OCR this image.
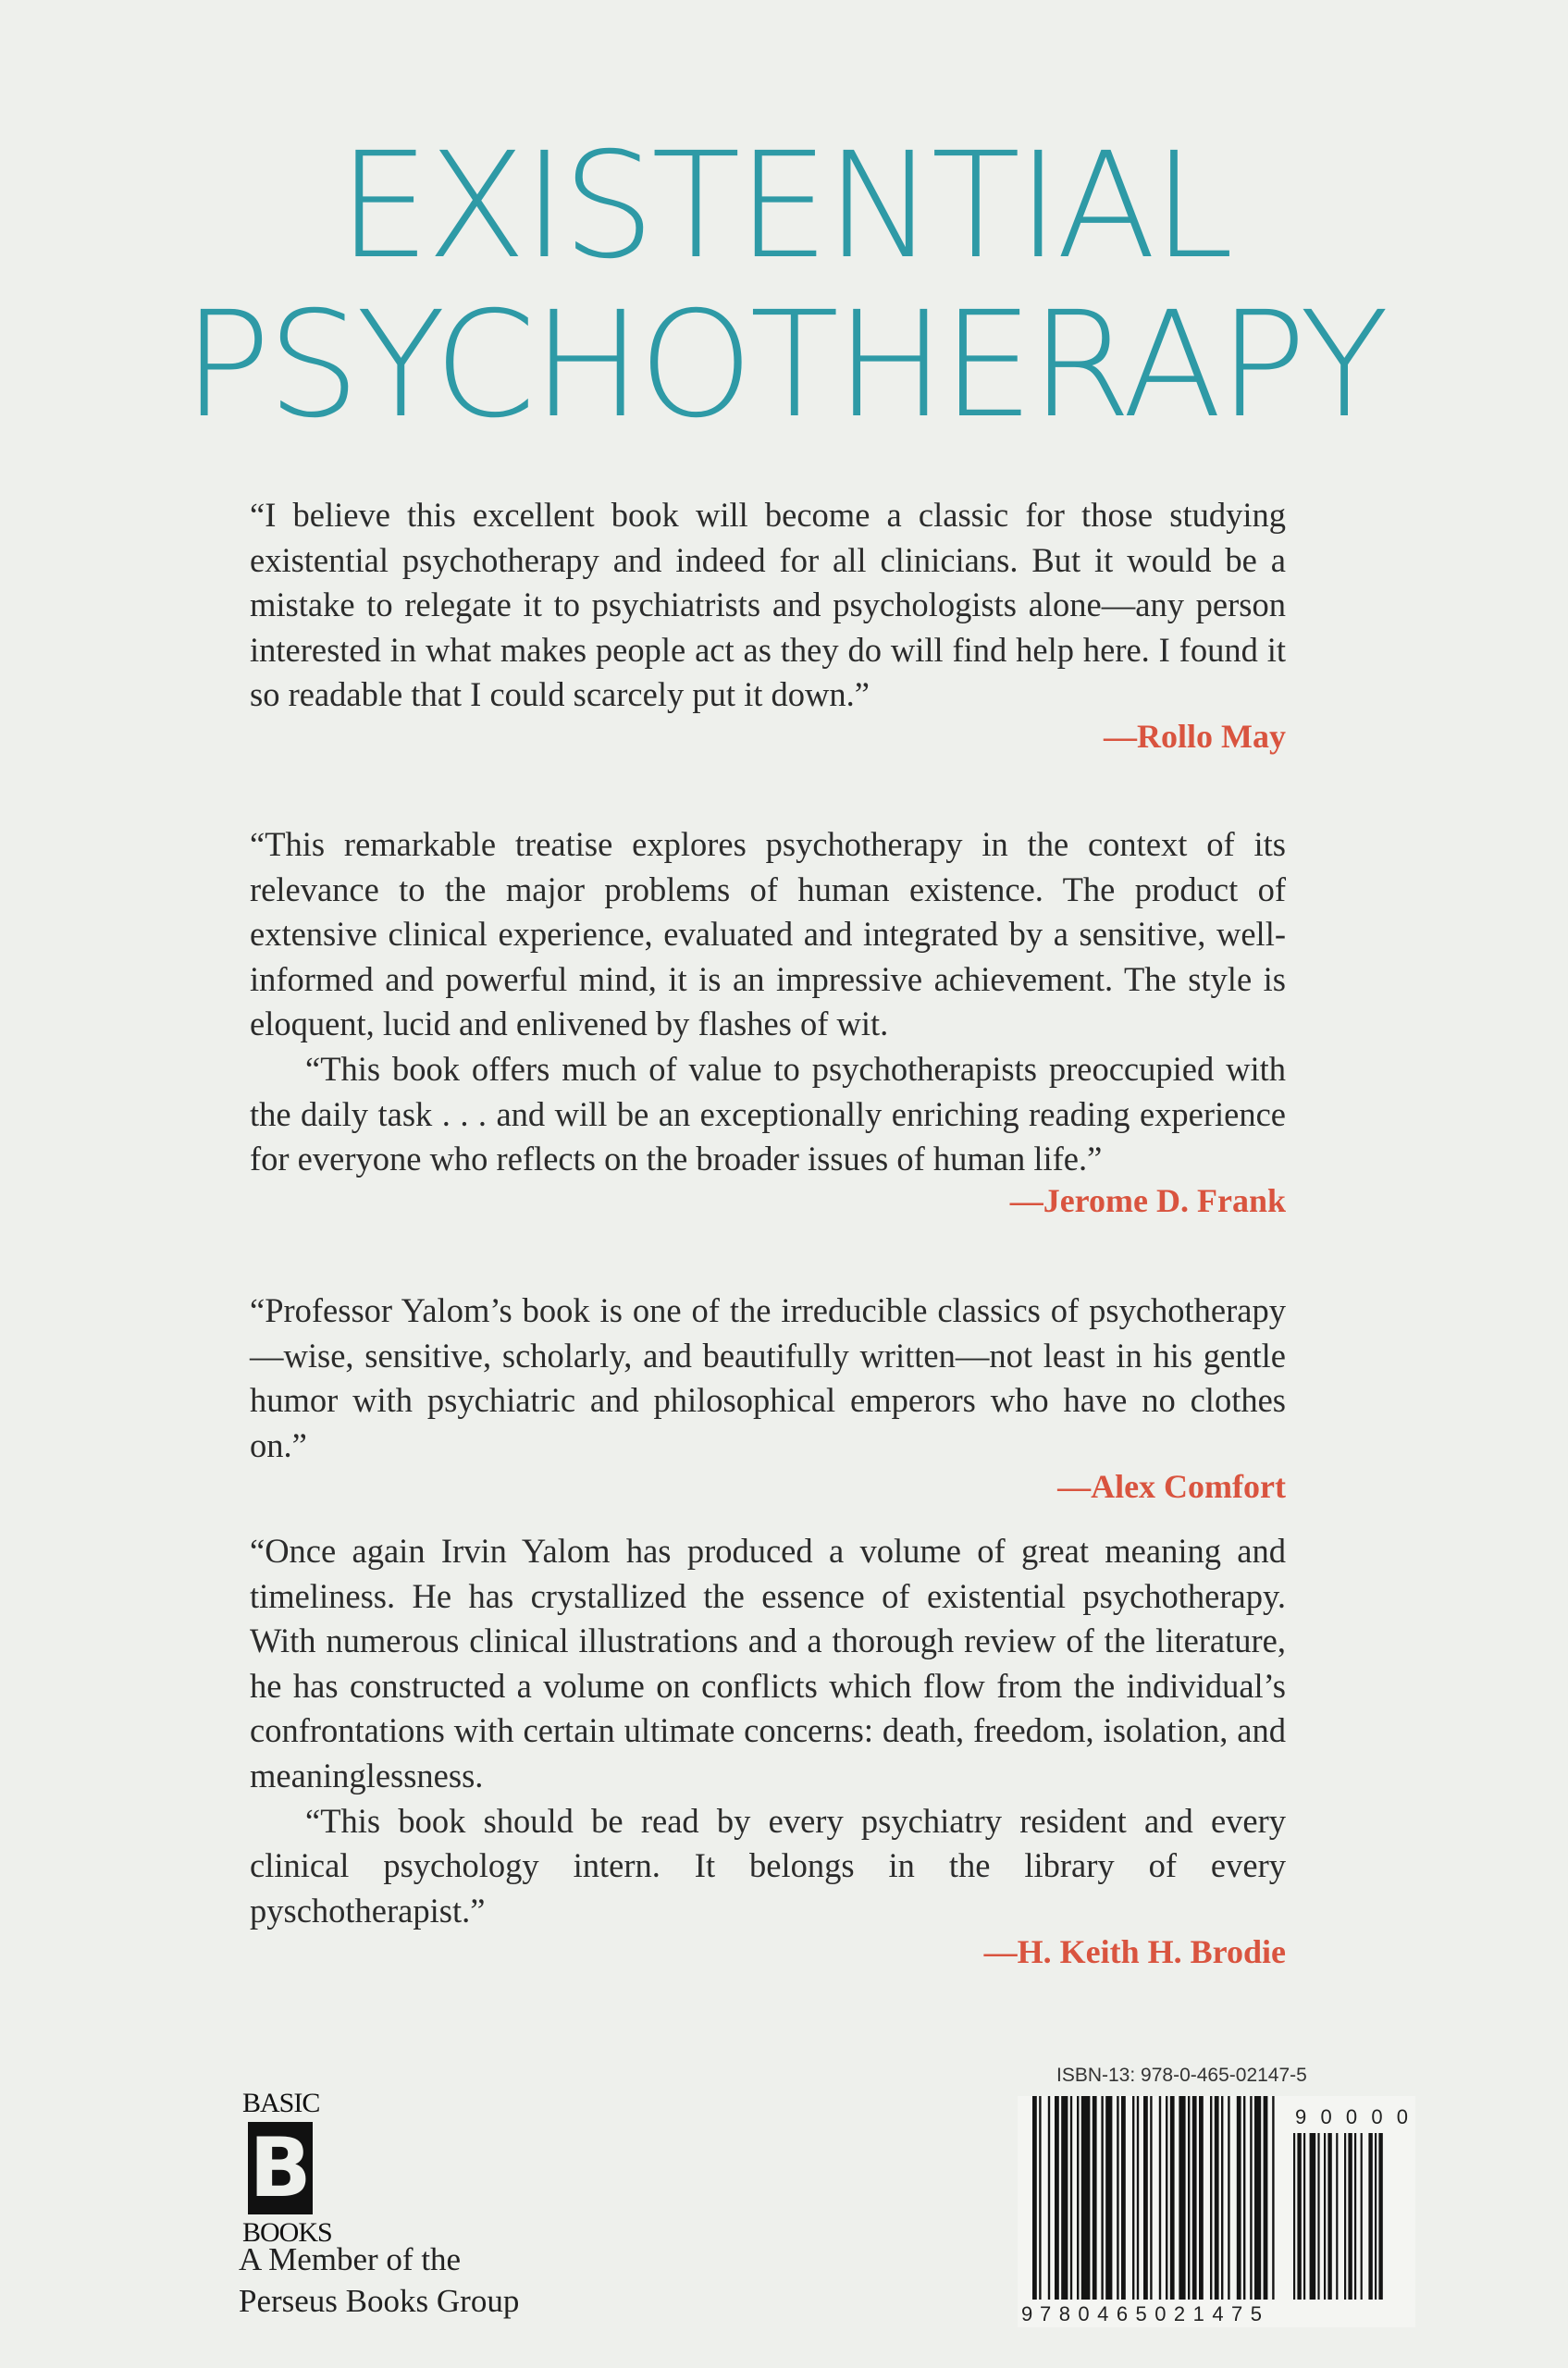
EXISTENTIAL
PSYCHOTHERAPY

“I believe this excellent book will become a classic for those studying existential psychotherapy and indeed for all clinicians. But it would be a mistake to relegate it to psychiatrists and psychologists alone—any person interested in what makes people act as they do will find help here. I found it so readable that I could scarcely put it down.”

—Rollo May

“This remarkable treatise explores psychotherapy in the context of its relevance to the major problems of human existence. The product of extensive clinical experience, evaluated and integrated by a sensitive, well-informed and powerful mind, it is an impressive achievement. The style is eloquent, lucid and enlivened by flashes of wit.

“This book offers much of value to psychotherapists preoccupied with the daily task . . . and will be an exceptionally enriching reading experience for everyone who reflects on the broader issues of human life.”

—Jerome D. Frank

“Professor Yalom’s book is one of the irreducible classics of psychotherapy—wise, sensitive, scholarly, and beautifully written—not least in his gentle humor with psychiatric and philosophical emperors who have no clothes on.”

—Alex Comfort

“Once again Irvin Yalom has produced a volume of great meaning and timeliness. He has crystallized the essence of existential psychotherapy. With numerous clinical illustrations and a thorough review of the literature, he has constructed a volume on conflicts which flow from the individual’s confrontations with certain ultimate concerns: death, freedom, isolation, and meaninglessness.

“This book should be read by every psychiatry resident and every clinical psychology intern. It belongs in the library of every pyschotherapist.”

—H. Keith H. Brodie
BASIC
B
BOOKS
A Member of the
Perseus Books Group
ISBN-13: 978-0-465-02147-5
9 780465021475
90000
